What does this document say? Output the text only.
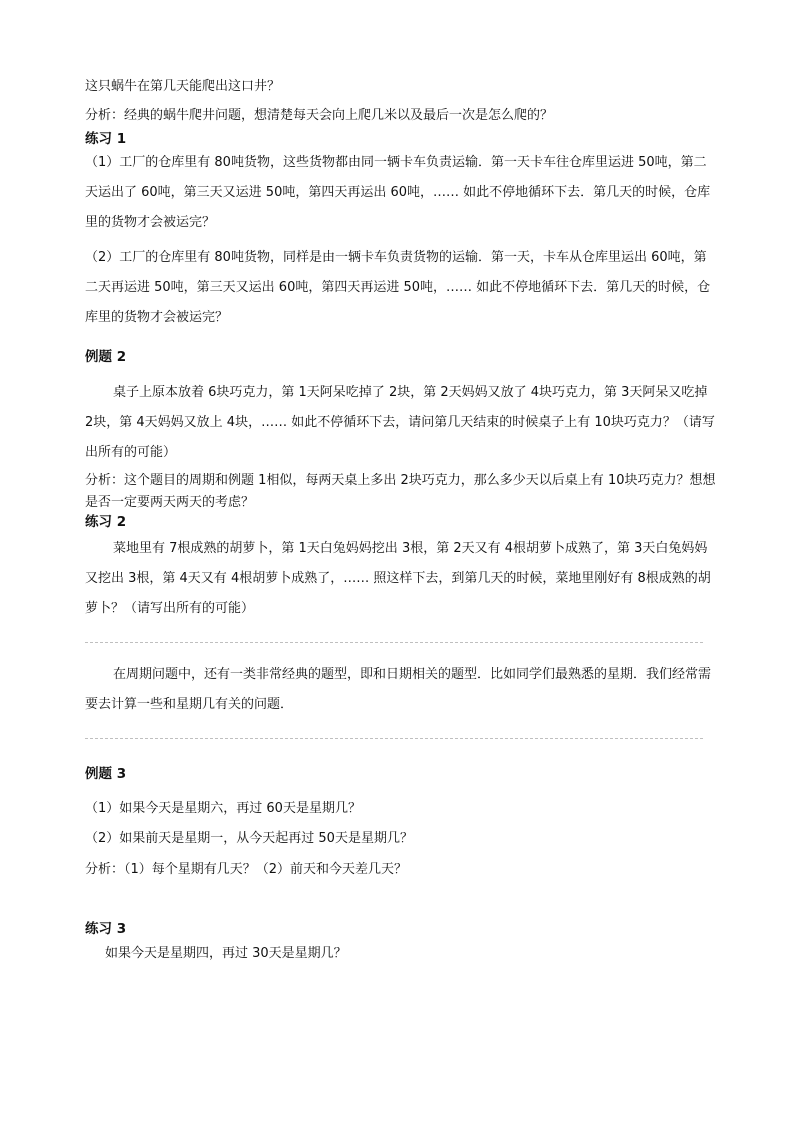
这只蜗牛在第几天能爬出这口井？

分析：经典的蜗牛爬井问题，想清楚每天会向上爬几米以及最后一次是怎么爬的？

练习 1

（1）工厂的仓库里有 80吨货物，这些货物都由同一辆卡车负责运输．第一天卡车往仓库里运进 50吨，第二天运出了 60吨，第三天又运进 50吨，第四天再运出 60吨，…… 如此不停地循环下去．第几天的时候，仓库里的货物才会被运完？

（2）工厂的仓库里有 80吨货物，同样是由一辆卡车负责货物的运输．第一天，卡车从仓库里运出 60吨，第二天再运进 50吨，第三天又运出 60吨，第四天再运进 50吨，…… 如此不停地循环下去．第几天的时候，仓库里的货物才会被运完？

例题 2

桌子上原本放着 6块巧克力，第 1天阿呆吃掉了 2块，第 2天妈妈又放了 4块巧克力，第 3天阿呆又吃掉 2块，第 4天妈妈又放上 4块，…… 如此不停循环下去，请问第几天结束的时候桌子上有 10块巧克力？（请写出所有的可能）

分析：这个题目的周期和例题 1相似，每两天桌上多出 2块巧克力，那么多少天以后桌上有 10块巧克力？想想是否一定要两天两天的考虑？

练习 2

菜地里有 7根成熟的胡萝卜，第 1天白兔妈妈挖出 3根，第 2天又有 4根胡萝卜成熟了，第 3天白兔妈妈又挖出 3根，第 4天又有 4根胡萝卜成熟了，…… 照这样下去，到第几天的时候，菜地里刚好有 8根成熟的胡萝卜？（请写出所有的可能）

在周期问题中，还有一类非常经典的题型，即和日期相关的题型．比如同学们最熟悉的星期．我们经常需要去计算一些和星期几有关的问题．

例题 3

（1）如果今天是星期六，再过 60天是星期几？

（2）如果前天是星期一，从今天起再过 50天是星期几？

分析：（1）每个星期有几天？（2）前天和今天差几天？

练习 3

如果今天是星期四，再过 30天是星期几？
